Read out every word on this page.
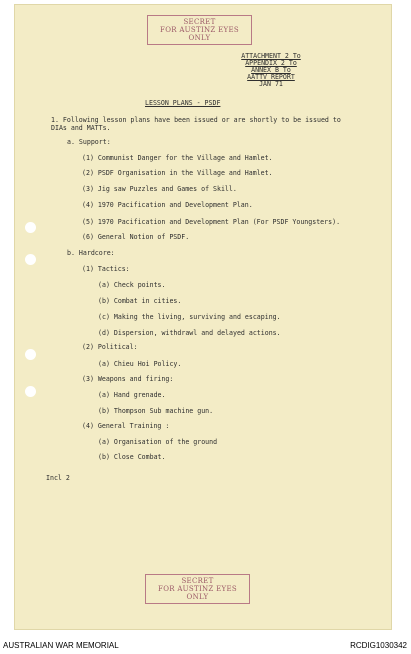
SECRET
FOR AUSTINZ EYES ONLY
ATTACHMENT 2 To
APPENDIX 2 To
ANNEX B To
AATTV REPORT
JAN 71
LESSON PLANS - PSDF
1. Following lesson plans have been issued or are shortly to be issued to
DIAs and MATTs.
a. Support:
(1) Communist Danger for the Village and Hamlet.
(2) PSDF Organisation in the Village and Hamlet.
(3) Jig saw Puzzles and Games of Skill.
(4) 1970 Pacification and Development Plan.
(5) 1970 Pacification and Development Plan (For PSDF Youngsters).
(6) General Notion of PSDF.
b. Hardcore:
(1) Tactics:
(a) Check points.
(b) Combat in cities.
(c) Making the living, surviving and escaping.
(d) Dispersion, withdrawl and delayed actions.
(2) Political:
(a) Chieu Hoi Policy.
(3) Weapons and firing:
(a) Hand grenade.
(b) Thompson Sub machine gun.
(4) General Training :
(a) Organisation of the ground
(b) Close Combat.
Incl 2
SECRET
FOR AUSTINZ EYES ONLY
AUSTRALIAN WAR MEMORIAL	RCDIG1030342
